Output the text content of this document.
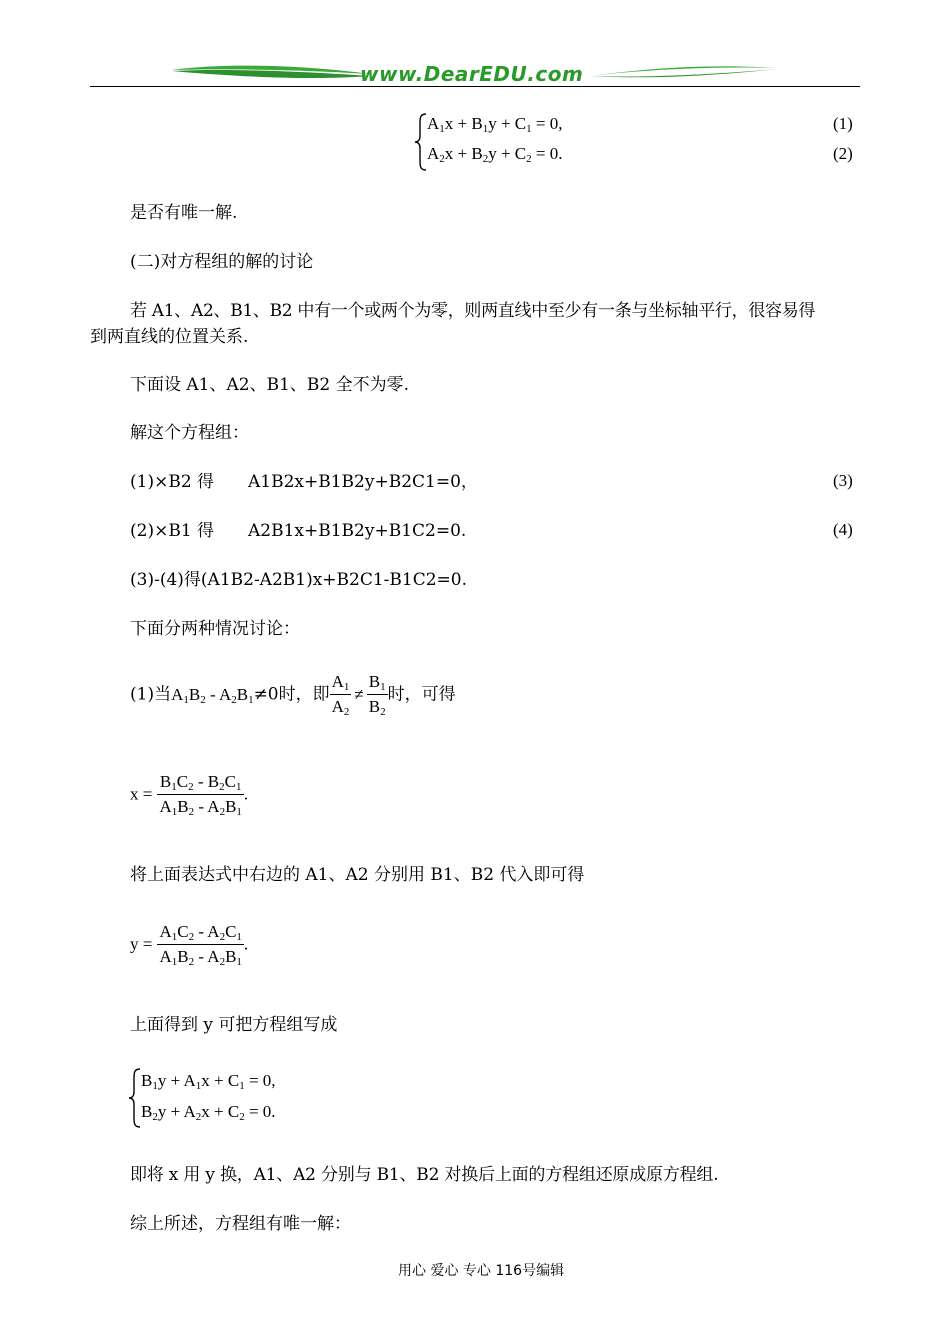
www.DearEDU.com
$A_1x + B_1y + C_1 = 0$,
$A_2x + B_2y + C_2 = 0$.
(1)
(2)
是否有唯一解.
(二)对方程组的解的讨论
若 A1、A2、B1、B2 中有一个或两个为零，则两直线中至少有一条与坐标轴平行，很容易得
到两直线的位置关系.
下面设 A1、A2、B1、B2 全不为零.
解这个方程组：
(1)×B2 得 A1B2x+B1B2y+B2C1=0，	(3)
(2)×B1 得 A2B1x+B1B2y+B1C2=0.	(4)
(3)-(4)得(A1B2-A2B1)x+B2C1-B1C2=0.
下面分两种情况讨论：
(1)当$A_1B_2 - A_2B_1\ne 0$时，即 $\frac{A_1}{A_2} \ne \frac{B_1}{B_2}$ 时，可得
$x = \frac{B_1C_2 - B_2C_1}{A_1B_2 - A_2B_1}$ .
将上面表达式中右边的 A1、A2 分别用 B1、B2 代入即可得
$y = \frac{A_1C_2 - A_2C_1}{A_1B_2 - A_2B_1}$ .
上面得到 y 可把方程组写成
$B_1y + A_1x + C_1 = 0$,
$B_2y + A_2x + C_2 = 0$.
即将 x 用 y 换，A1、A2 分别与 B1、B2 对换后上面的方程组还原成原方程组.
综上所述，方程组有唯一解：
用心 爱心 专心 116号编辑
